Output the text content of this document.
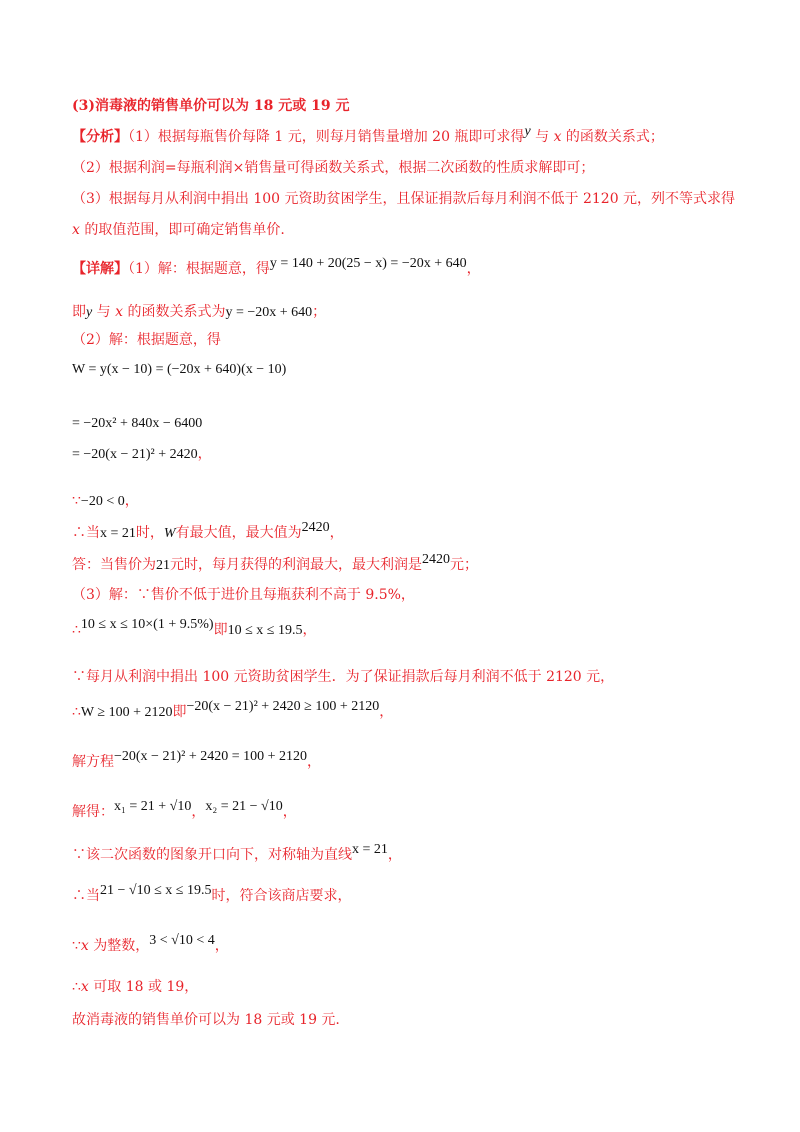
(3)消毒液的销售单价可以为 18 元或 19 元
【分析】（1）根据每瓶售价每降 1 元，则每月销售量增加 20 瓶即可求得y 与 x 的函数关系式；
（2）根据利润=每瓶利润×销售量可得函数关系式，根据二次函数的性质求解即可；
（3）根据每月从利润中捐出 100 元资助贫困学生，且保证捐款后每月利润不低于 2120 元，列不等式求得
x 的取值范围，即可确定销售单价.
【详解】（1）解：根据题意，得y = 140 + 20(25 − x) = −20x + 640，
即y 与 x 的函数关系式为y = −20x + 640；
（2）解：根据题意，得
W = y(x − 10) = (−20x + 640)(x − 10)
= −20x² + 840x − 6400
= −20(x − 21)² + 2420，
∵−20 < 0，
∴当x = 21时，W有最大值，最大值为2420，
答：当售价为21元时，每月获得的利润最大，最大利润是2420元；
（3）解：∵售价不低于进价且每瓶获利不高于 9.5%，
∴10 ≤ x ≤ 10×(1 + 9.5%)即10 ≤ x ≤ 19.5，
∵每月从利润中捐出 100 元资助贫困学生．为了保证捐款后每月利润不低于 2120 元，
∴W ≥ 100 + 2120即−20(x − 21)² + 2420 ≥ 100 + 2120，
解方程−20(x − 21)² + 2420 = 100 + 2120，
解得：x₁ = 21 + √10，x₂ = 21 − √10，
∵该二次函数的图象开口向下，对称轴为直线x = 21，
∴当21 − √10 ≤ x ≤ 19.5时，符合该商店要求，
∵x 为整数，3 < √10 < 4，
∴x 可取 18 或 19，
故消毒液的销售单价可以为 18 元或 19 元.
